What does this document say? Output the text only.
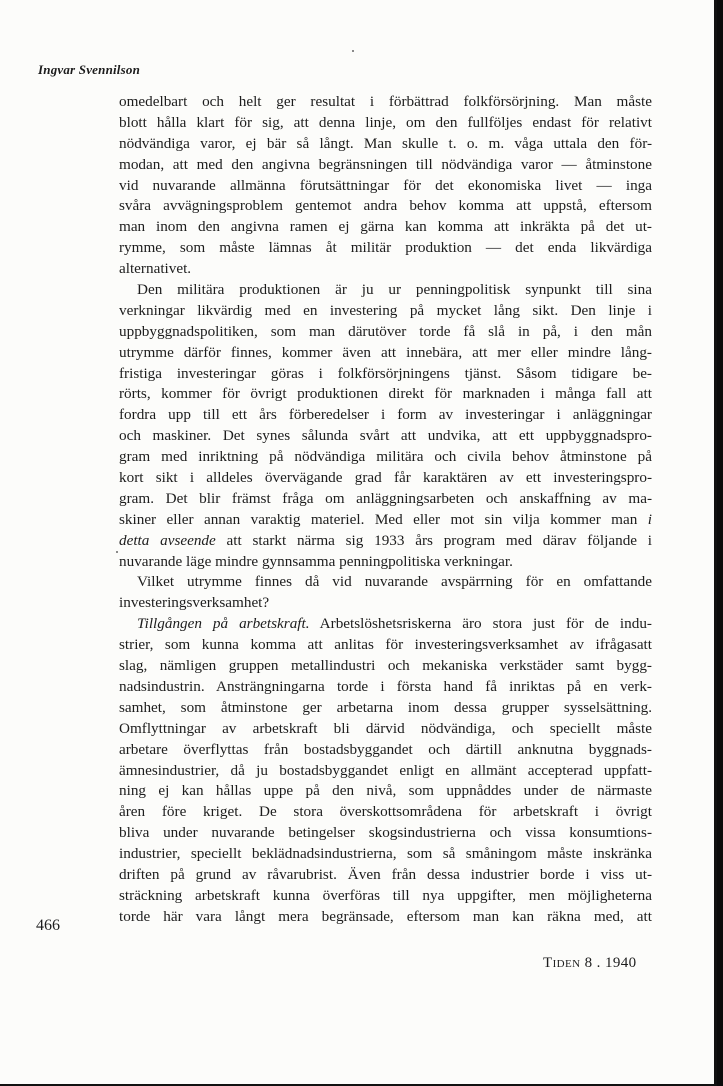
Ingvar Svennilson
omedelbart och helt ger resultat i förbättrad folkförsörjning. Man måste
blott hålla klart för sig, att denna linje, om den fullföljes endast för relativt
nödvändiga varor, ej bär så långt. Man skulle t. o. m. våga uttala den för-
modan, att med den angivna begränsningen till nödvändiga varor — åtminstone
vid nuvarande allmänna förutsättningar för det ekonomiska livet — inga
svåra avvägningsproblem gentemot andra behov komma att uppstå, eftersom
man inom den angivna ramen ej gärna kan komma att inkräkta på det ut-
rymme, som måste lämnas åt militär produktion — det enda likvärdiga
alternativet.
Den militära produktionen är ju ur penningpolitisk synpunkt till sina
verkningar likvärdig med en investering på mycket lång sikt. Den linje i
uppbyggnadspolitiken, som man därutöver torde få slå in på, i den mån
utrymme därför finnes, kommer även att innebära, att mer eller mindre lång-
fristiga investeringar göras i folkförsörjningens tjänst. Såsom tidigare be-
rörts, kommer för övrigt produktionen direkt för marknaden i många fall att
fordra upp till ett års förberedelser i form av investeringar i anläggningar
och maskiner. Det synes sålunda svårt att undvika, att ett uppbyggnadspro-
gram med inriktning på nödvändiga militära och civila behov åtminstone på
kort sikt i alldeles övervägande grad får karaktären av ett investeringspro-
gram. Det blir främst fråga om anläggningsarbeten och anskaffning av ma-
skiner eller annan varaktig materiel. Med eller mot sin vilja kommer man i
detta avseende att starkt närma sig 1933 års program med därav följande i
nuvarande läge mindre gynnsamma penningpolitiska verkningar.
Vilket utrymme finnes då vid nuvarande avspärrning för en omfattande
investeringsverksamhet?
Tillgången på arbetskraft. Arbetslöshetsriskerna äro stora just för de indu-
strier, som kunna komma att anlitas för investeringsverksamhet av ifrågasatt
slag, nämligen gruppen metallindustri och mekaniska verkstäder samt bygg-
nadsindustrin. Ansträngningarna torde i första hand få inriktas på en verk-
samhet, som åtminstone ger arbetarna inom dessa grupper sysselsättning.
Omflyttningar av arbetskraft bli därvid nödvändiga, och speciellt måste
arbetare överflyttas från bostadsbyggandet och därtill anknutna byggnads-
ämnesindustrier, då ju bostadsbyggandet enligt en allmänt accepterad uppfatt-
ning ej kan hållas uppe på den nivå, som uppnåddes under de närmaste
åren före kriget. De stora överskottsområdena för arbetskraft i övrigt
bliva under nuvarande betingelser skogsindustrierna och vissa konsumtions-
industrier, speciellt beklädnadsindustrierna, som så småningom måste inskränka
driften på grund av råvarubrist. Även från dessa industrier borde i viss ut-
sträckning arbetskraft kunna överföras till nya uppgifter, men möjligheterna
torde här vara långt mera begränsade, eftersom man kan räkna med, att
466
Tiden 8 . 1940
